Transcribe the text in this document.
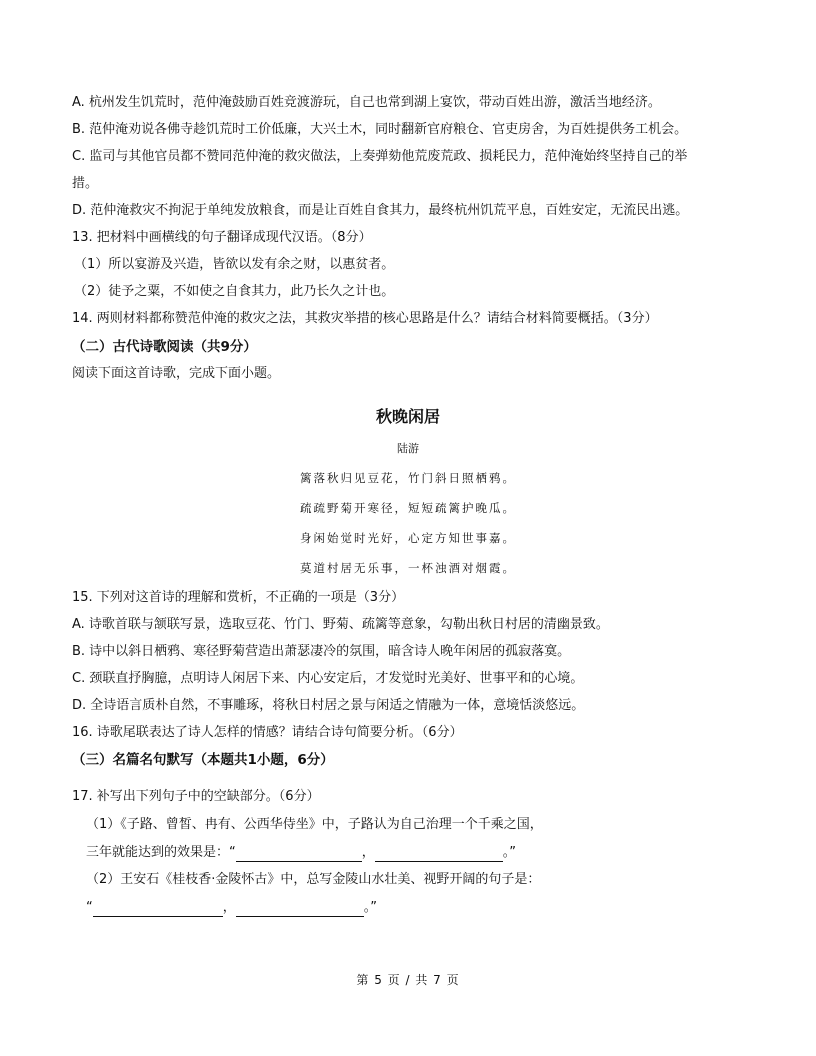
A. 杭州发生饥荒时，范仲淹鼓励百姓竞渡游玩，自己也常到湖上宴饮，带动百姓出游，激活当地经济。
B. 范仲淹劝说各佛寺趁饥荒时工价低廉，大兴土木，同时翻新官府粮仓、官吏房舍，为百姓提供务工机会。
C. 监司与其他官员都不赞同范仲淹的救灾做法，上奏弹劾他荒废荒政、损耗民力，范仲淹始终坚持自己的举
措。
D. 范仲淹救灾不拘泥于单纯发放粮食，而是让百姓自食其力，最终杭州饥荒平息，百姓安定，无流民出逃。
13. 把材料中画横线的句子翻译成现代汉语。（8分）
（1）所以宴游及兴造，皆欲以发有余之财，以惠贫者。
（2）徒予之粟，不如使之自食其力，此乃长久之计也。
14. 两则材料都称赞范仲淹的救灾之法，其救灾举措的核心思路是什么？请结合材料简要概括。（3分）
（二）古代诗歌阅读（共9分）
阅读下面这首诗歌，完成下面小题。
秋晚闲居
陆游
篱落秋归见豆花，竹门斜日照栖鸦。
疏疏野菊开寒径，短短疏篱护晚瓜。
身闲始觉时光好，心定方知世事嘉。
莫道村居无乐事，一杯浊酒对烟霞。
15. 下列对这首诗的理解和赏析，不正确的一项是（3分）
A. 诗歌首联与颔联写景，选取豆花、竹门、野菊、疏篱等意象，勾勒出秋日村居的清幽景致。
B. 诗中以斜日栖鸦、寒径野菊营造出萧瑟凄冷的氛围，暗含诗人晚年闲居的孤寂落寞。
C. 颈联直抒胸臆，点明诗人闲居下来、内心安定后，才发觉时光美好、世事平和的心境。
D. 全诗语言质朴自然，不事雕琢，将秋日村居之景与闲适之情融为一体，意境恬淡悠远。
16. 诗歌尾联表达了诗人怎样的情感？请结合诗句简要分析。（6分）
（三）名篇名句默写（本题共1小题，6分）
17. 补写出下列句子中的空缺部分。（6分）
（1）《子路、曾皙、冉有、公西华侍坐》中，子路认为自己治理一个千乘之国，
三年就能达到的效果是：“	，	。”
（2）王安石《桂枝香·金陵怀古》中，总写金陵山水壮美、视野开阔的句子是：
“	，	。”
第 5 页 / 共 7 页
